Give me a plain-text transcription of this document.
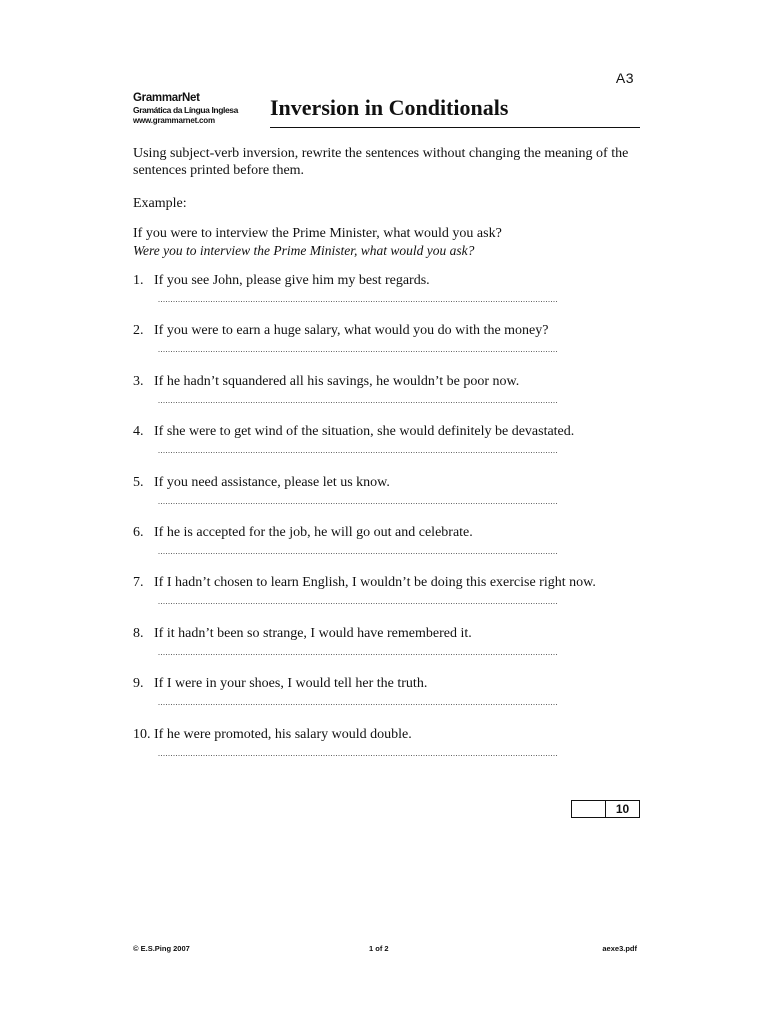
A3
GrammarNet
Gramática da Língua Inglesa
www.grammarnet.com
Inversion in Conditionals

Using subject-verb inversion, rewrite the sentences without changing the meaning of the sentences printed before them.

Example:

If you were to interview the Prime Minister, what would you ask?

Were you to interview the Prime Minister, what would you ask?

1. If you see John, please give him my best regards.
................................................................................................................................................................
2. If you were to earn a huge salary, what would you do with the money?
................................................................................................................................................................
3. If he hadn’t squandered all his savings, he wouldn’t be poor now.
................................................................................................................................................................
4. If she were to get wind of the situation, she would definitely be devastated.
................................................................................................................................................................
5. If you need assistance, please let us know.
................................................................................................................................................................
6. If he is accepted for the job, he will go out and celebrate.
................................................................................................................................................................
7. If I hadn’t chosen to learn English, I wouldn’t be doing this exercise right now.
................................................................................................................................................................
8. If it hadn’t been so strange, I would have remembered it.
................................................................................................................................................................
9. If I were in your shoes, I would tell her the truth.
................................................................................................................................................................
10. If he were promoted, his salary would double.
................................................................................................................................................................
10
© E.S.Ping 2007	1 of 2	aexe3.pdf
